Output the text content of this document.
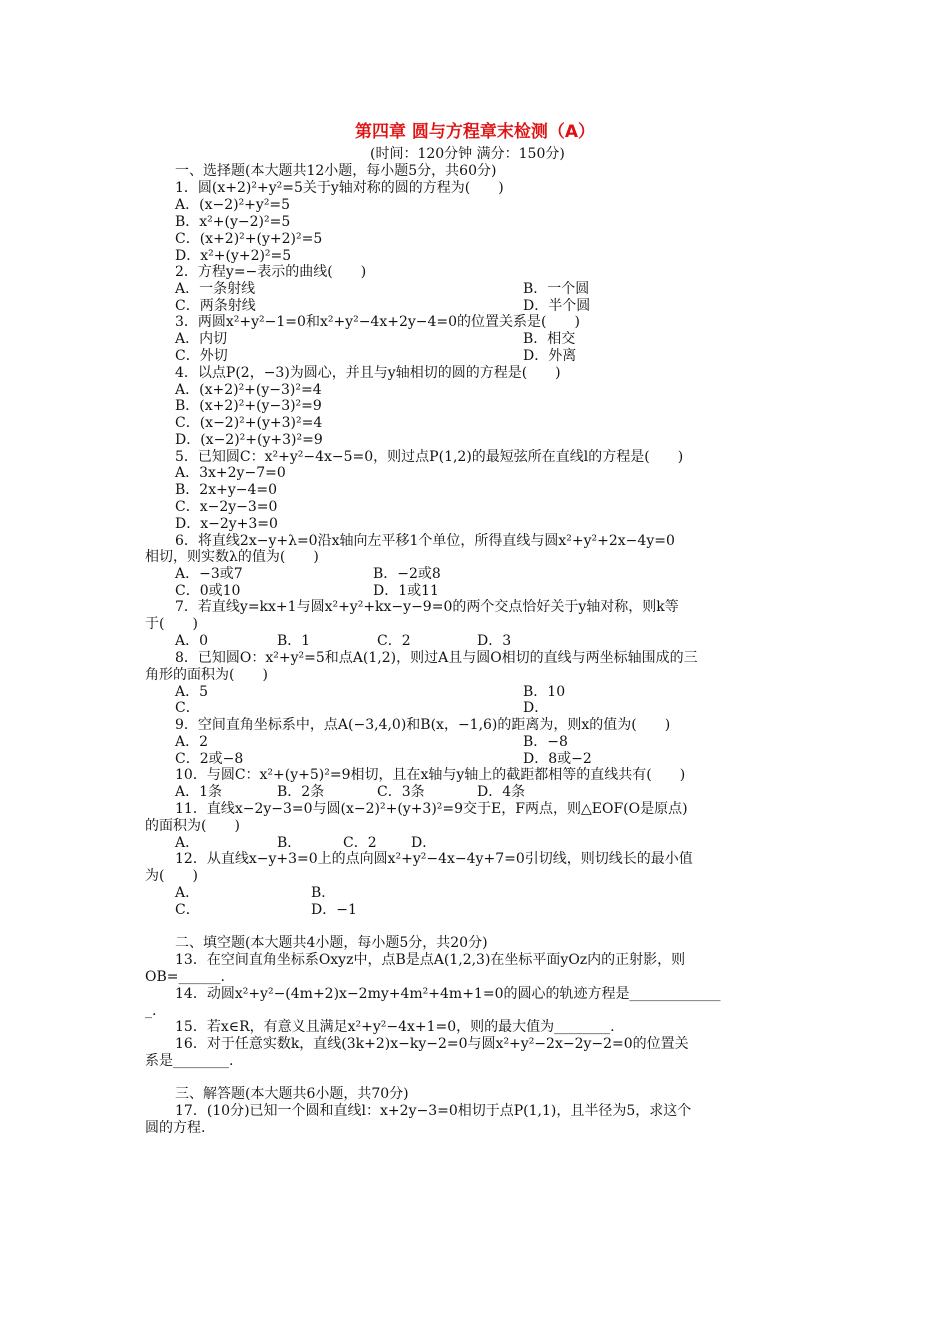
第四章 圆与方程章末检测（A）
(时间：120分钟 满分：150分)
一、选择题(本大题共12小题，每小题5分，共60分)
1．圆(x+2)²+y²=5关于y轴对称的圆的方程为(　　)
A．(x−2)²+y²=5
B．x²+(y−2)²=5
C．(x+2)²+(y+2)²=5
D．x²+(y+2)²=5
2．方程y=−表示的曲线(　　)
A．一条射线	B．一个圆
C．两条射线	D．半个圆
3．两圆x²+y²−1=0和x²+y²−4x+2y−4=0的位置关系是(　　)
A．内切	B．相交
C．外切	D．外离
4．以点P(2，−3)为圆心，并且与y轴相切的圆的方程是(　　)
A．(x+2)²+(y−3)²=4
B．(x+2)²+(y−3)²=9
C．(x−2)²+(y+3)²=4
D．(x−2)²+(y+3)²=9
5．已知圆C：x²+y²−4x−5=0，则过点P(1,2)的最短弦所在直线l的方程是(　　)
A．3x+2y−7=0
B．2x+y−4=0
C．x−2y−3=0
D．x−2y+3=0
6．将直线2x−y+λ=0沿x轴向左平移1个单位，所得直线与圆x²+y²+2x−4y=0
相切，则实数λ的值为(　　)
A．−3或7	B．−2或8
C．0或10	D．1或11
7．若直线y=kx+1与圆x²+y²+kx−y−9=0的两个交点恰好关于y轴对称，则k等
于(　　)
A．0	B．1	C．2	D．3
8．已知圆O：x²+y²=5和点A(1,2)，则过A且与圆O相切的直线与两坐标轴围成的三
角形的面积为(　　)
A．5	B．10
C．	D．
9．空间直角坐标系中，点A(−3,4,0)和B(x，−1,6)的距离为，则x的值为(　　)
A．2	B．−8
C．2或−8	D．8或−2
10．与圆C：x²+(y+5)²=9相切，且在x轴与y轴上的截距都相等的直线共有(　　)
A．1条	B．2条	C．3条	D．4条
11．直线x−2y−3=0与圆(x−2)²+(y+3)²=9交于E，F两点，则△EOF(O是原点)
的面积为(　　)
A．	B．	C．2 D．
12．从直线x−y+3=0上的点向圆x²+y²−4x−4y+7=0引切线，则切线长的最小值
为(　　)
A．	B．
C．	D．−1
二、填空题(本大题共4小题，每小题5分，共20分)
13．在空间直角坐标系Oxyz中，点B是点A(1,2,3)在坐标平面yOz内的正射影，则
OB=______.
14．动圆x²+y²−(4m+2)x−2my+4m²+4m+1=0的圆心的轨迹方程是_____________
_.
15．若x∈R，有意义且满足x²+y²−4x+1=0，则的最大值为________.
16．对于任意实数k，直线(3k+2)x−ky−2=0与圆x²+y²−2x−2y−2=0的位置关
系是________.
三、解答题(本大题共6小题，共70分)
17．(10分)已知一个圆和直线l：x+2y−3=0相切于点P(1,1)，且半径为5，求这个
圆的方程.
